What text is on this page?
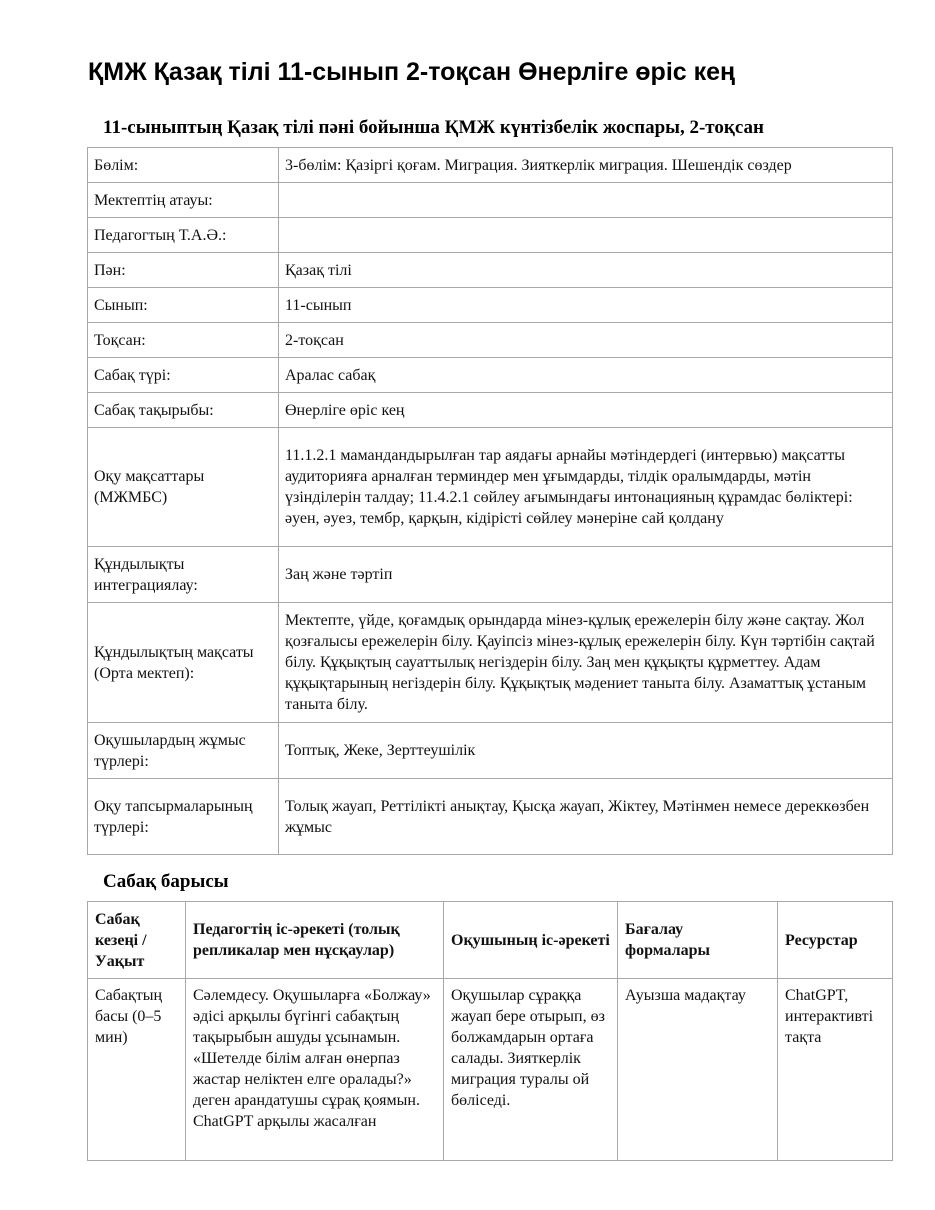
ҚМЖ Қазақ тілі 11-сынып 2-тоқсан Өнерлiге өрiс кең
11-сыныптың Қазақ тілі пәні бойынша ҚМЖ күнтізбелік жоспары, 2-тоқсан
Бөлім:	3-бөлім: Қазіргі қоғам. Миграция. Зияткерлік миграция. Шешендік сөздер
Мектептің атауы:	
Педагогтың Т.А.Ә.:	
Пән:	Қазақ тілі
Сынып:	11-сынып
Тоқсан:	2-тоқсан
Сабақ түрі:	Аралас сабақ
Сабақ тақырыбы:	Өнерлiге өрiс кең
Оқу мақсаттары (МЖМБС)	11.1.2.1 мамандандырылған тар аядағы арнайы мәтіндердегі (интервью) мақсатты аудиторияға арналған терминдер мен ұғымдарды, тілдік оралымдарды, мәтін үзінділерін талдау; 11.4.2.1 сөйлеу ағымындағы интонацияның құрамдас бөліктері: әуен, әуез, тембр, қарқын, кідірісті сөйлеу мәнеріне сай қолдану
Құндылықты интеграциялау:	Заң және тәртіп
Құндылықтың мақсаты (Орта мектеп):	Мектепте, үйде, қоғамдық орындарда мінез-құлық ережелерін білу және сақтау. Жол қозғалысы ережелерін білу. Қауіпсіз мінез-құлық ережелерін білу. Күн тәртібін сақтай білу. Құқықтың сауаттылық негіздерін білу. Заң мен құқықты құрметтеу. Адам құқықтарының негіздерін білу. Құқықтық мәдениет таныта білу. Азаматтық ұстаным таныта білу.
Оқушылардың жұмыс түрлері:	Топтық, Жеке, Зерттеушілік
Оқу тапсырмаларының түрлері:	Толық жауап, Реттілікті анықтау, Қысқа жауап, Жіктеу, Мәтінмен немесе дереккөзбен жұмыс
Сабақ барысы
Сабақ кезеңі / Уақыт	Педагогтің іс-әрекеті (толық репликалар мен нұсқаулар)	Оқушының іс-әрекеті	Бағалау формалары	Ресурстар
Сабақтың басы (0–5 мин)	Сәлемдесу. Оқушыларға «Болжау» әдісі арқылы бүгінгі сабақтың тақырыбын ашуды ұсынамын. «Шетелде білім алған өнерпаз жастар неліктен елге оралады?» деген арандатушы сұрақ қоямын. ChatGPT арқылы жасалған	Оқушылар сұраққа жауап бере отырып, өз болжамдарын ортаға салады. Зияткерлік миграция туралы ой бөліседі.	Ауызша мадақтау	ChatGPT, интерактивті тақта
